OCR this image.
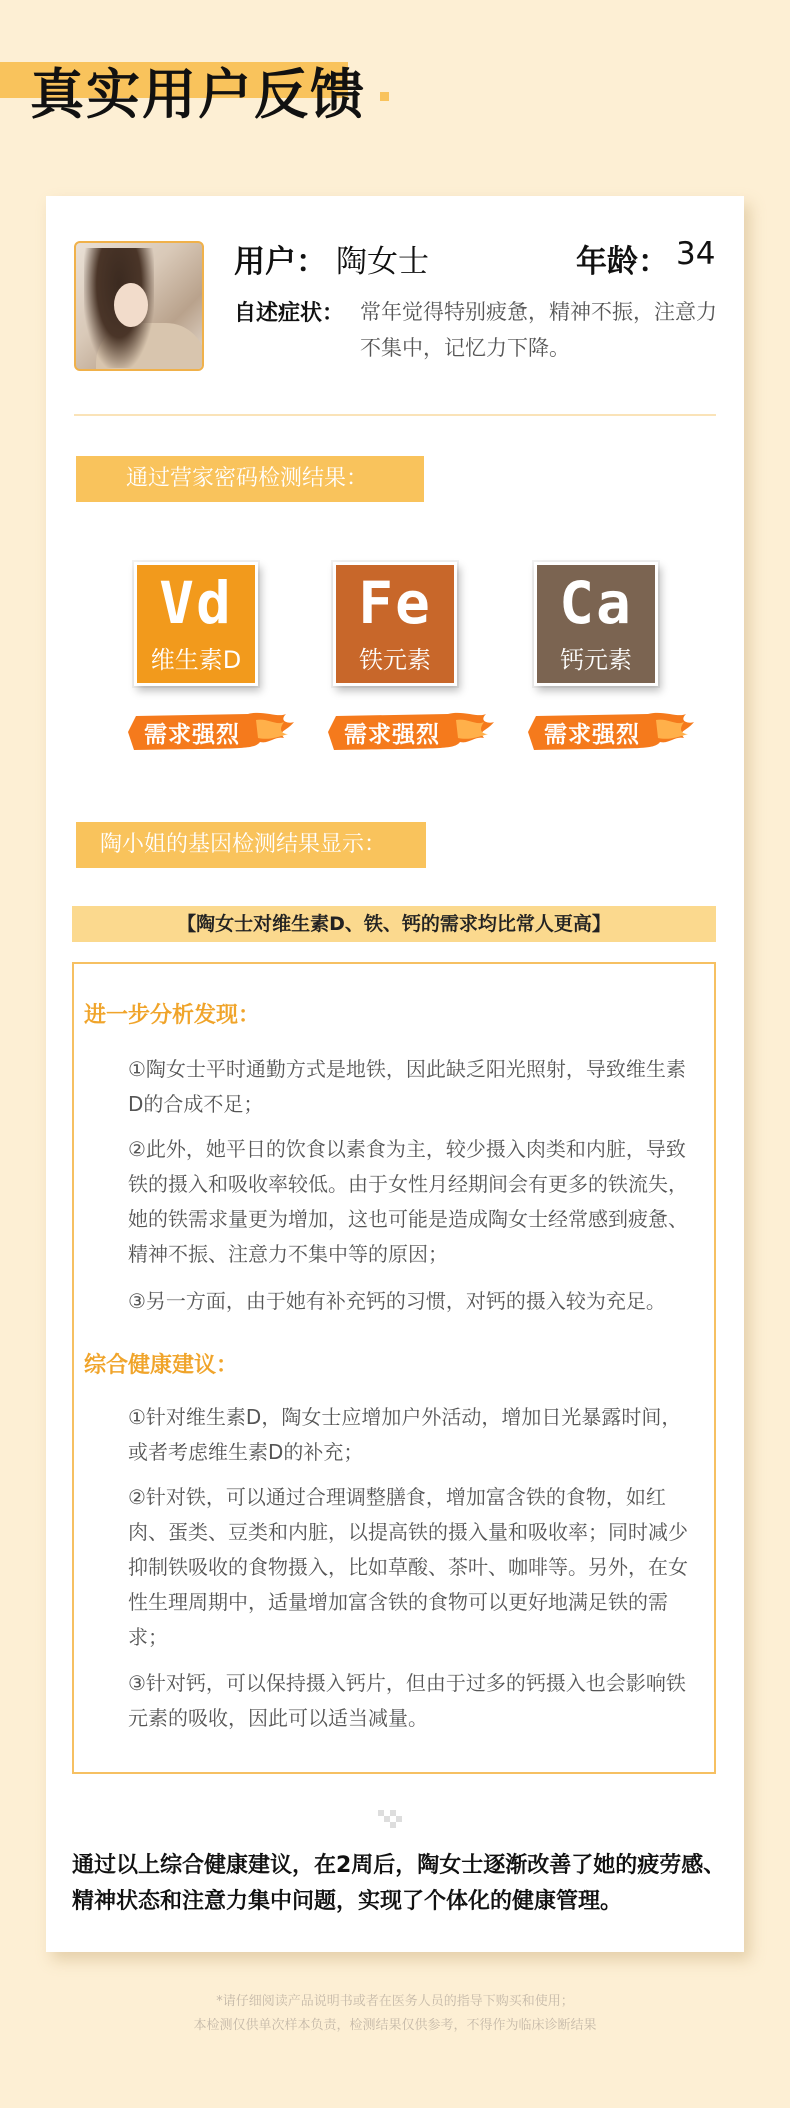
真实用户反馈
用户： 陶女士	年龄： 34
自述症状： 常年觉得特别疲惫，精神不振，注意力不集中，记忆力下降。
通过营家密码检测结果：
Vd
维生素D
Fe
铁元素
Ca
钙元素
需求强烈	需求强烈	需求强烈
陶小姐的基因检测结果显示：
【陶女士对维生素D、铁、钙的需求均比常人更高】
进一步分析发现：
①陶女士平时通勤方式是地铁，因此缺乏阳光照射，导致维生素D的合成不足；
②此外，她平日的饮食以素食为主，较少摄入肉类和内脏，导致铁的摄入和吸收率较低。由于女性月经期间会有更多的铁流失，她的铁需求量更为增加，这也可能是造成陶女士经常感到疲惫、精神不振、注意力不集中等的原因；
③另一方面，由于她有补充钙的习惯，对钙的摄入较为充足。
综合健康建议：
①针对维生素D，陶女士应增加户外活动，增加日光暴露时间，或者考虑维生素D的补充；
②针对铁，可以通过合理调整膳食，增加富含铁的食物，如红肉、蛋类、豆类和内脏，以提高铁的摄入量和吸收率；同时减少抑制铁吸收的食物摄入，比如草酸、茶叶、咖啡等。另外，在女性生理周期中，适量增加富含铁的食物可以更好地满足铁的需求；
③针对钙，可以保持摄入钙片，但由于过多的钙摄入也会影响铁元素的吸收，因此可以适当减量。
通过以上综合健康建议，在2周后，陶女士逐渐改善了她的疲劳感、精神状态和注意力集中问题，实现了个体化的健康管理。
*请仔细阅读产品说明书或者在医务人员的指导下购买和使用；
本检测仅供单次样本负责，检测结果仅供参考，不得作为临床诊断结果
